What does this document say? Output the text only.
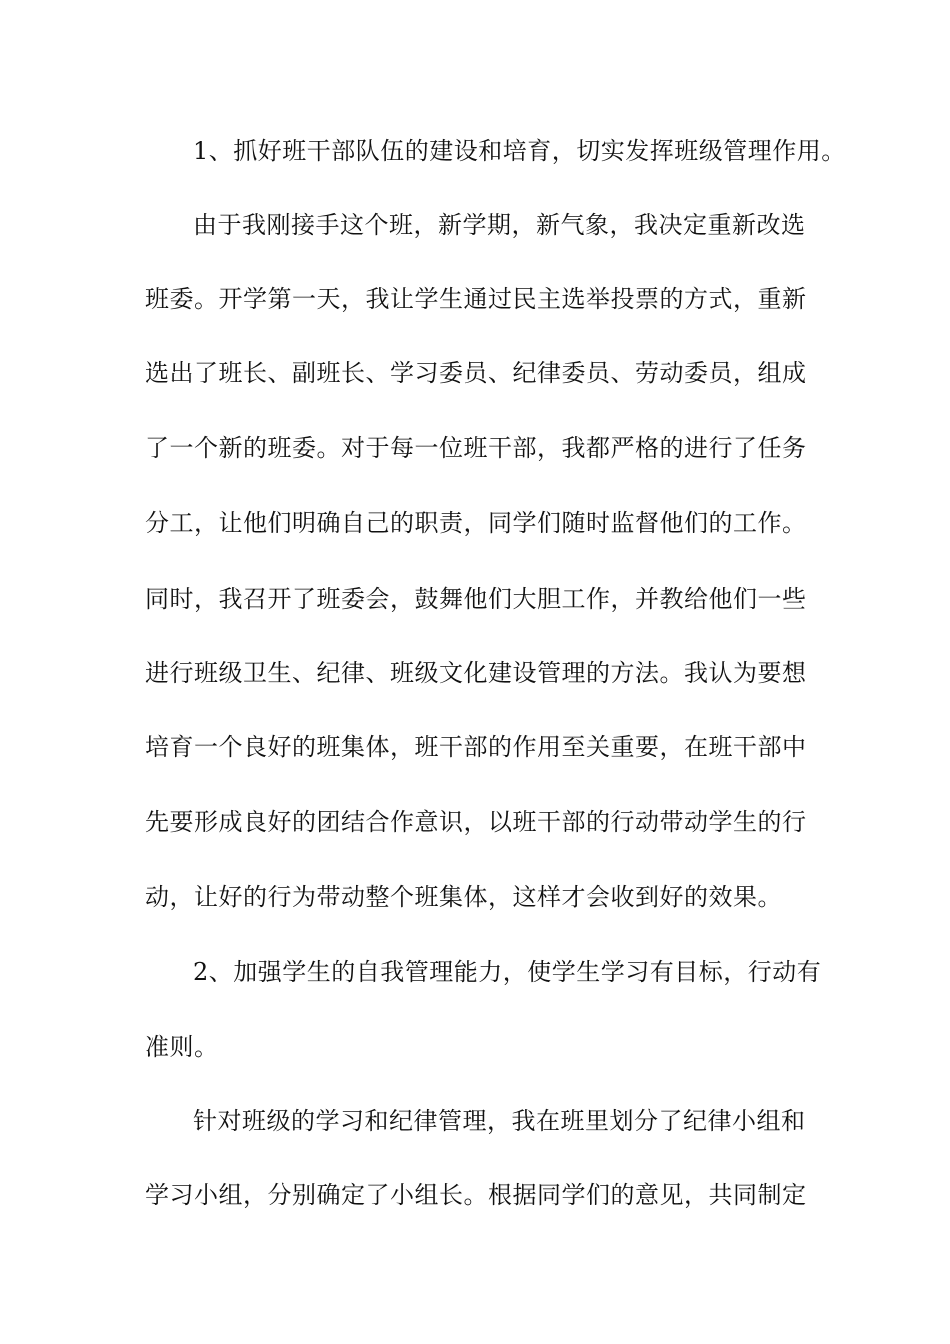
1、抓好班干部队伍的建设和培育，切实发挥班级管理作用。
由于我刚接手这个班，新学期，新气象，我决定重新改选
班委。开学第一天，我让学生通过民主选举投票的方式，重新
选出了班长、副班长、学习委员、纪律委员、劳动委员，组成
了一个新的班委。对于每一位班干部，我都严格的进行了任务
分工，让他们明确自己的职责，同学们随时监督他们的工作。
同时，我召开了班委会，鼓舞他们大胆工作，并教给他们一些
进行班级卫生、纪律、班级文化建设管理的方法。我认为要想
培育一个良好的班集体，班干部的作用至关重要，在班干部中
先要形成良好的团结合作意识，以班干部的行动带动学生的行
动，让好的行为带动整个班集体，这样才会收到好的效果。
2、加强学生的自我管理能力，使学生学习有目标，行动有
准则。
针对班级的学习和纪律管理，我在班里划分了纪律小组和
学习小组，分别确定了小组长。根据同学们的意见，共同制定
